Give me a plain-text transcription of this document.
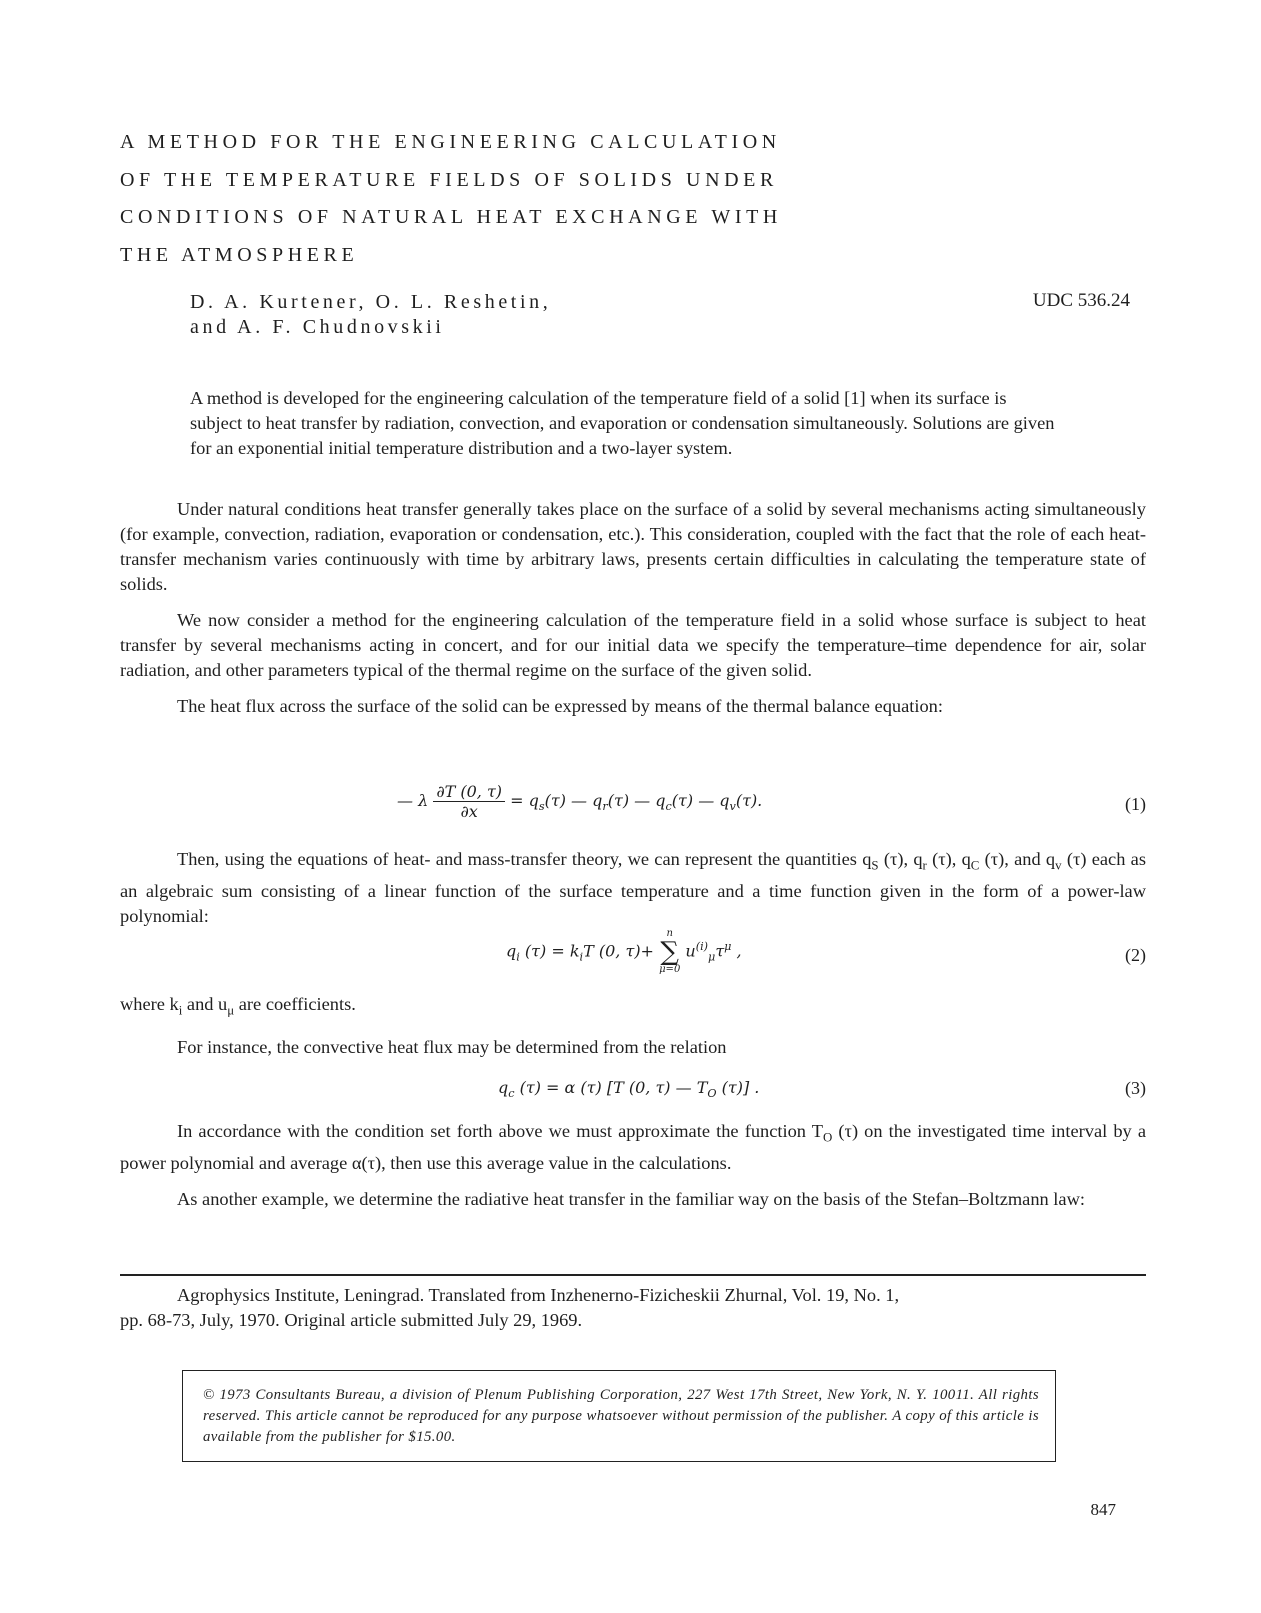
A METHOD FOR THE ENGINEERING CALCULATION
OF THE TEMPERATURE FIELDS OF SOLIDS UNDER
CONDITIONS OF NATURAL HEAT EXCHANGE WITH
THE ATMOSPHERE
D. A. Kurtener, O. L. Reshetin,
and A. F. Chudnovskii
UDC 536.24
A method is developed for the engineering calculation of the temperature field of a solid [1] when its surface is subject to heat transfer by radiation, convection, and evaporation or condensation simultaneously. Solutions are given for an exponential initial temperature distribution and a two-layer system.

Under natural conditions heat transfer generally takes place on the surface of a solid by several mechanisms acting simultaneously (for example, convection, radiation, evaporation or condensation, etc.). This consideration, coupled with the fact that the role of each heat-transfer mechanism varies continuously with time by arbitrary laws, presents certain difficulties in calculating the temperature state of solids.

We now consider a method for the engineering calculation of the temperature field in a solid whose surface is subject to heat transfer by several mechanisms acting in concert, and for our initial data we specify the temperature–time dependence for air, solar radiation, and other parameters typical of the thermal regime on the surface of the given solid.

The heat flux across the surface of the solid can be expressed by means of the thermal balance equation:

— λ $\frac{\partial T (0, \tau)}{\partial x} = q_s(\tau)$ — $q_r(\tau)$ — $q_c(\tau)$ — $q_v(\tau)$.	(1)

Then, using the equations of heat- and mass-transfer theory, we can represent the quantities $q_S$ (τ), $q_r$ (τ), $q_C$ (τ), and $q_v$ (τ) each as an algebraic sum consisting of a linear function of the surface temperature and a time function given in the form of a power-law polynomial:

$q_i$ $(\tau) = k_iT$ (0, τ)+
n
∑
μ=0
$u^{(i)}_\mu\tau^\mu$ ,	(2)

where $k_i$ and $u_\mu$ are coefficients.

For instance, the convective heat flux may be determined from the relation

$q_c$ (τ) = α (τ) [T (0, τ) — $T_O$ (τ)] .	(3)

In accordance with the condition set forth above we must approximate the function $T_O$ (τ) on the investigated time interval by a power polynomial and average α(τ), then use this average value in the calculations.

As another example, we determine the radiative heat transfer in the familiar way on the basis of the Stefan–Boltzmann law:

Agrophysics Institute, Leningrad. Translated from Inzhenerno-Fizicheskii Zhurnal, Vol. 19, No. 1,
pp. 68-73, July, 1970. Original article submitted July 29, 1969.
© 1973 Consultants Bureau, a division of Plenum Publishing Corporation, 227 West 17th Street, New York, N. Y. 10011. All rights reserved. This article cannot be reproduced for any purpose whatsoever without permission of the publisher. A copy of this article is available from the publisher for $15.00.
847
